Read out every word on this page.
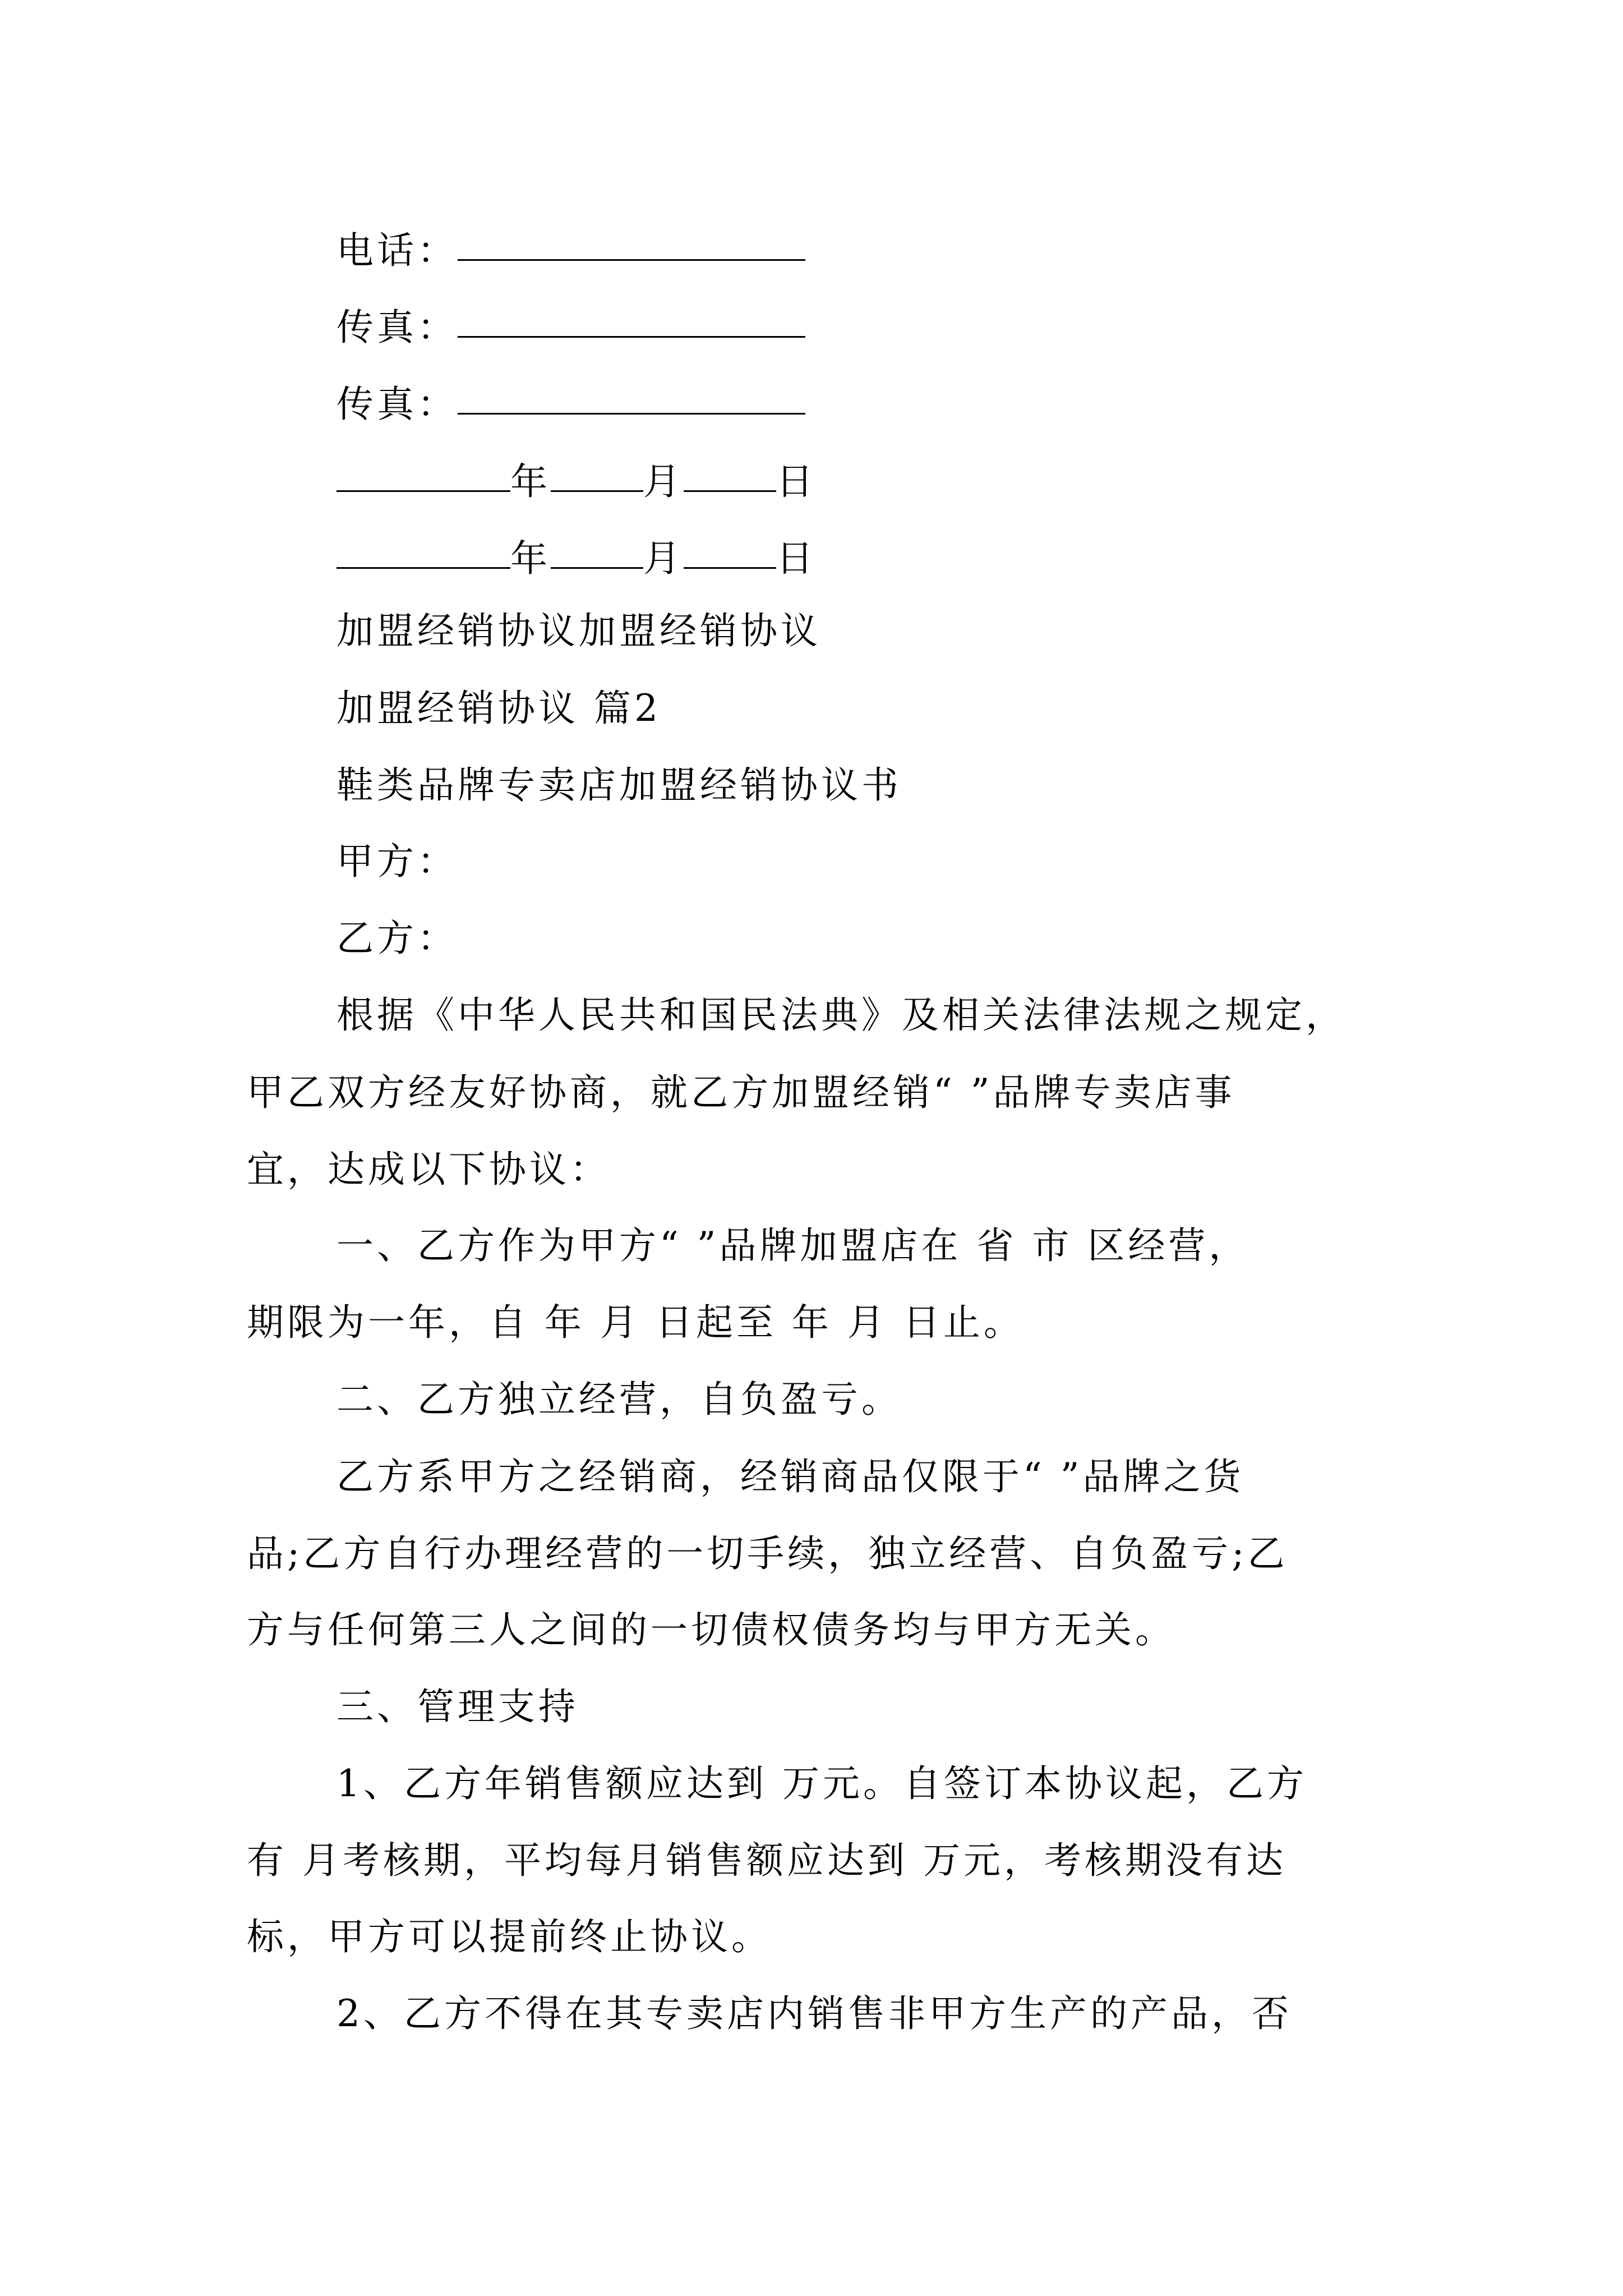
电话：
传真：
传真：
年	月	日
年	月	日
加盟经销协议加盟经销协议
加盟经销协议 篇2
鞋类品牌专卖店加盟经销协议书
甲方：
乙方：
根据《中华人民共和国民法典》及相关法律法规之规定，
甲乙双方经友好协商，就乙方加盟经销“ ”品牌专卖店事
宜，达成以下协议：
一、乙方作为甲方“ ”品牌加盟店在 省 市 区经营，
期限为一年，自 年 月 日起至 年 月 日止。
二、乙方独立经营，自负盈亏。
乙方系甲方之经销商，经销商品仅限于“ ”品牌之货
品;乙方自行办理经营的一切手续，独立经营、自负盈亏;乙
方与任何第三人之间的一切债权债务均与甲方无关。
三、管理支持
1、乙方年销售额应达到 万元。自签订本协议起，乙方
有 月考核期，平均每月销售额应达到 万元，考核期没有达
标，甲方可以提前终止协议。
2、乙方不得在其专卖店内销售非甲方生产的产品，否
